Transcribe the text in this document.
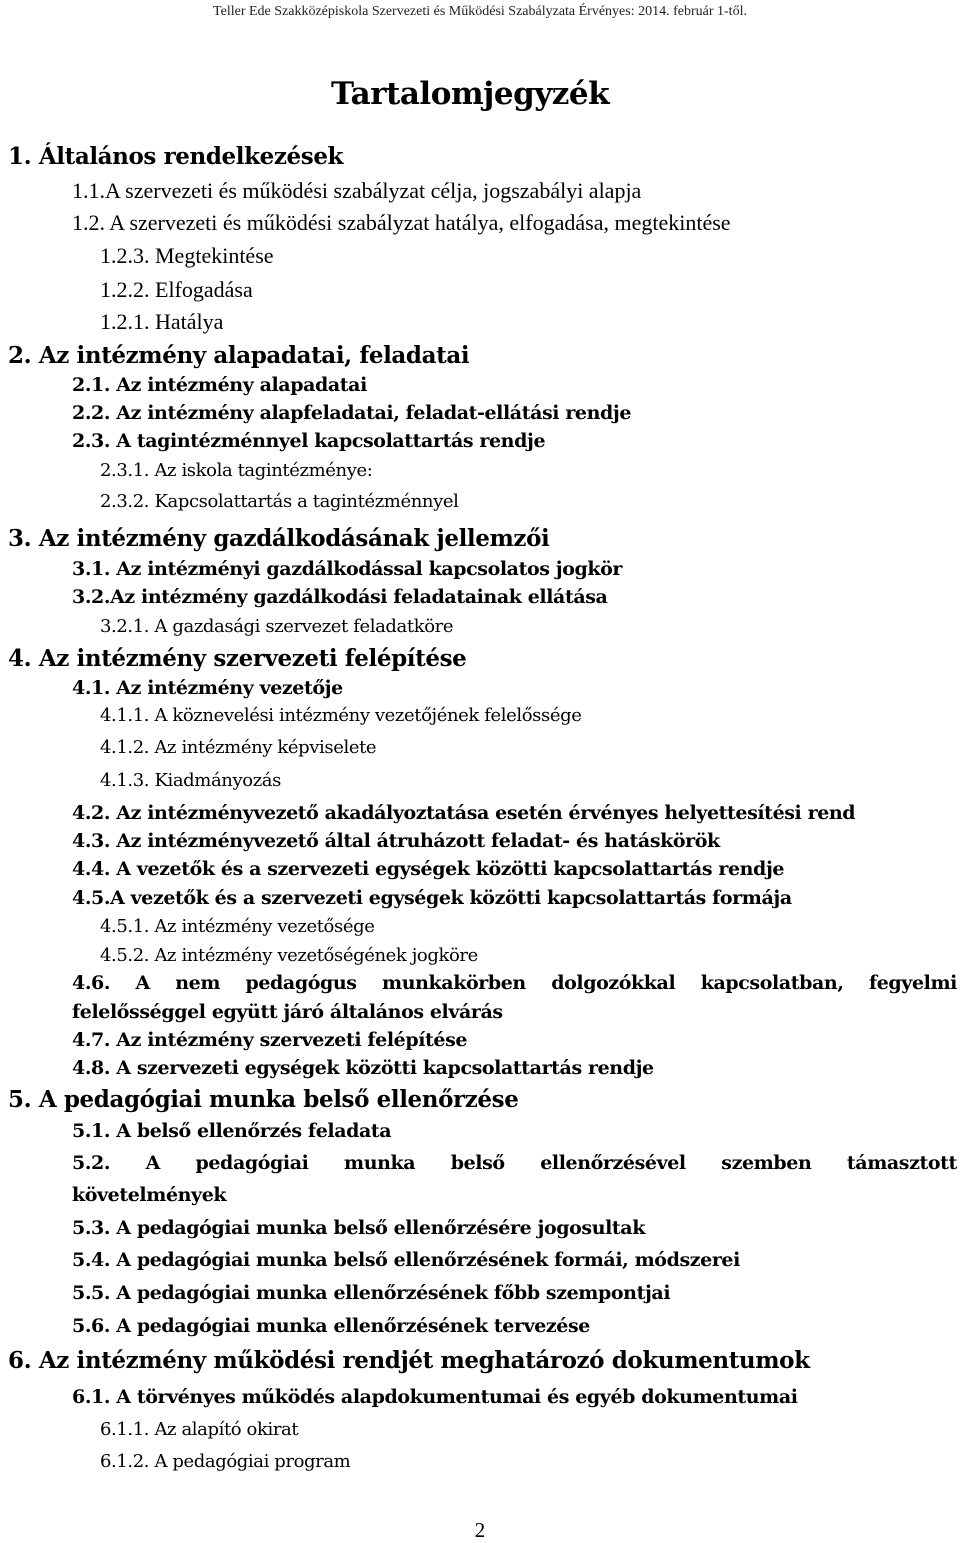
Teller Ede Szakközépiskola Szervezeti és Működési Szabályzata Érvényes: 2014. február 1-től.
Tartalomjegyzék
1. Általános rendelkezések
1.1.A szervezeti és működési szabályzat célja, jogszabályi alapja
1.2. A szervezeti és működési szabályzat hatálya, elfogadása, megtekintése
1.2.3. Megtekintése
1.2.2. Elfogadása
1.2.1. Hatálya
2. Az intézmény alapadatai, feladatai
2.1. Az intézmény alapadatai
2.2. Az intézmény alapfeladatai, feladat-ellátási rendje
2.3. A tagintézménnyel kapcsolattartás rendje
2.3.1. Az iskola tagintézménye:
2.3.2. Kapcsolattartás a tagintézménnyel
3. Az intézmény gazdálkodásának jellemzői
3.1. Az intézményi gazdálkodással kapcsolatos jogkör
3.2.Az intézmény gazdálkodási feladatainak ellátása
3.2.1. A gazdasági szervezet feladatköre
4. Az intézmény szervezeti felépítése
4.1. Az intézmény vezetője
4.1.1. A köznevelési intézmény vezetőjének felelőssége
4.1.2. Az intézmény képviselete
4.1.3. Kiadmányozás
4.2. Az intézményvezető akadályoztatása esetén érvényes helyettesítési rend
4.3. Az intézményvezető által átruházott feladat- és hatáskörök
4.4. A vezetők és a szervezeti egységek közötti kapcsolattartás rendje
4.5.A vezetők és a szervezeti egységek közötti kapcsolattartás formája
4.5.1. Az intézmény vezetősége
4.5.2. Az intézmény vezetőségének jogköre
4.6. A nem pedagógus munkakörben dolgozókkal kapcsolatban, fegyelmi
felelősséggel együtt járó általános elvárás
4.7. Az intézmény szervezeti felépítése
4.8. A szervezeti egységek közötti kapcsolattartás rendje
5. A pedagógiai munka belső ellenőrzése
5.1. A belső ellenőrzés feladata
5.2. A pedagógiai munka belső ellenőrzésével szemben támasztott
követelmények
5.3. A pedagógiai munka belső ellenőrzésére jogosultak
5.4. A pedagógiai munka belső ellenőrzésének formái, módszerei
5.5. A pedagógiai munka ellenőrzésének főbb szempontjai
5.6. A pedagógiai munka ellenőrzésének tervezése
6. Az intézmény működési rendjét meghatározó dokumentumok
6.1. A törvényes működés alapdokumentumai és egyéb dokumentumai
6.1.1. Az alapító okirat
6.1.2. A pedagógiai program
2
